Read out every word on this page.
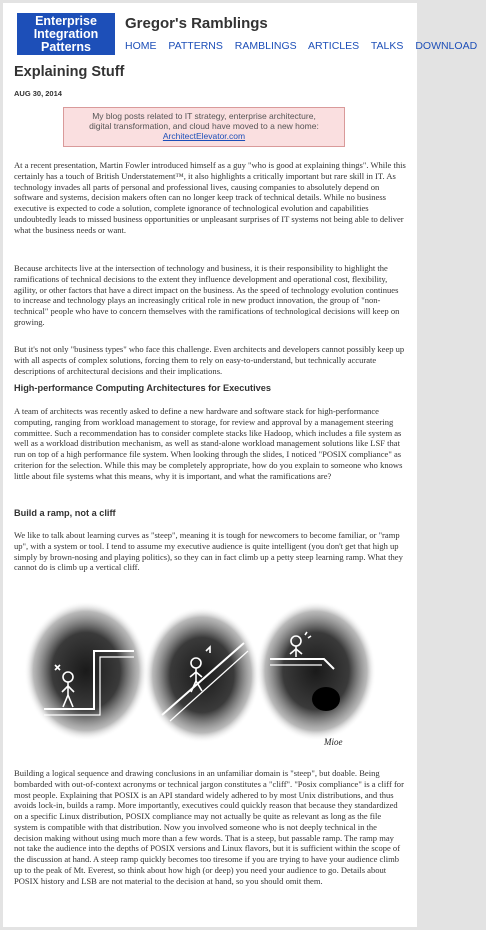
Enterprise
Integration
Patterns
Gregor's Ramblings
HOME PATTERNS RAMBLINGS ARTICLES TALKS DOWNLOAD
Explaining Stuff
AUG 30, 2014
My blog posts related to IT strategy, enterprise architecture,
digital transformation, and cloud have moved to a new home:
ArchitectElevator.com

At a recent presentation, Martin Fowler introduced himself as a guy "who is good at explaining things". While this certainly has a touch of British Understatement™, it also highlights a critically important but rare skill in IT. As technology invades all parts of personal and professional lives, causing companies to absolutely depend on software and systems, decision makers often can no longer keep track of technical details. While no business executive is expected to code a solution, complete ignorance of technological evolution and capabilities undoubtedly leads to missed business opportunities or unpleasant surprises of IT systems not being able to deliver what the business needs or want.

Because architects live at the intersection of technology and business, it is their responsibility to highlight the ramifications of technical decisions to the extent they influence development and operational cost, flexibility, agility, or other factors that have a direct impact on the business. As the speed of technology evolution continues to increase and technology plays an increasingly critical role in new product innovation, the group of "non-technical" people who have to concern themselves with the ramifications of technological decisions will keep on growing.

But it's not only "business types" who face this challenge. Even architects and developers cannot possibly keep up with all aspects of complex solutions, forcing them to rely on easy-to-understand, but technically accurate descriptions of architectural decisions and their implications.

High-performance Computing Architectures for Executives

A team of architects was recently asked to define a new hardware and software stack for high-performance computing, ranging from workload management to storage, for review and approval by a management steering committee. Such a recommendation has to consider complete stacks like Hadoop, which includes a file system as well as a workload distribution mechanism, as well as stand-alone workload management solutions like LSF that run on top of a high performance file system. When looking through the slides, I noticed "POSIX compliance" as criterion for the selection. While this may be completely appropriate, how do you explain to someone who knows little about file systems what this means, why it is important, and what the ramifications are?

Build a ramp, not a cliff

We like to talk about learning curves as "steep", meaning it is tough for newcomers to become familiar, or "ramp up", with a system or tool. I tend to assume my executive audience is quite intelligent (you don't get that high up simply by brown-nosing and playing politics), so they can in fact climb up a petty steep learning ramp. What they cannot do is climb up a vertical cliff.

Mioe

Building a logical sequence and drawing conclusions in an unfamiliar domain is "steep", but doable. Being bombarded with out-of-context acronyms or technical jargon constitutes a "cliff". "Posix compliance" is a cliff for most people. Explaining that POSIX is an API standard widely adhered to by most Unix distributions, and thus avoids lock-in, builds a ramp. More importantly, executives could quickly reason that because they standardized on a specific Linux distribution, POSIX compliance may not actually be quite as relevant as long as the file system is compatible with that distribution. Now you involved someone who is not deeply technical in the decision making without using much more than a few words. That is a steep, but passable ramp. The ramp may not take the audience into the depths of POSIX versions and Linux flavors, but it is sufficient within the scope of the discussion at hand. A steep ramp quickly becomes too tiresome if you are trying to have your audience climb up to the peak of Mt. Everest, so think about how high (or deep) you need your audience to go. Details about POSIX history and LSB are not material to the decision at hand, so you should omit them.
